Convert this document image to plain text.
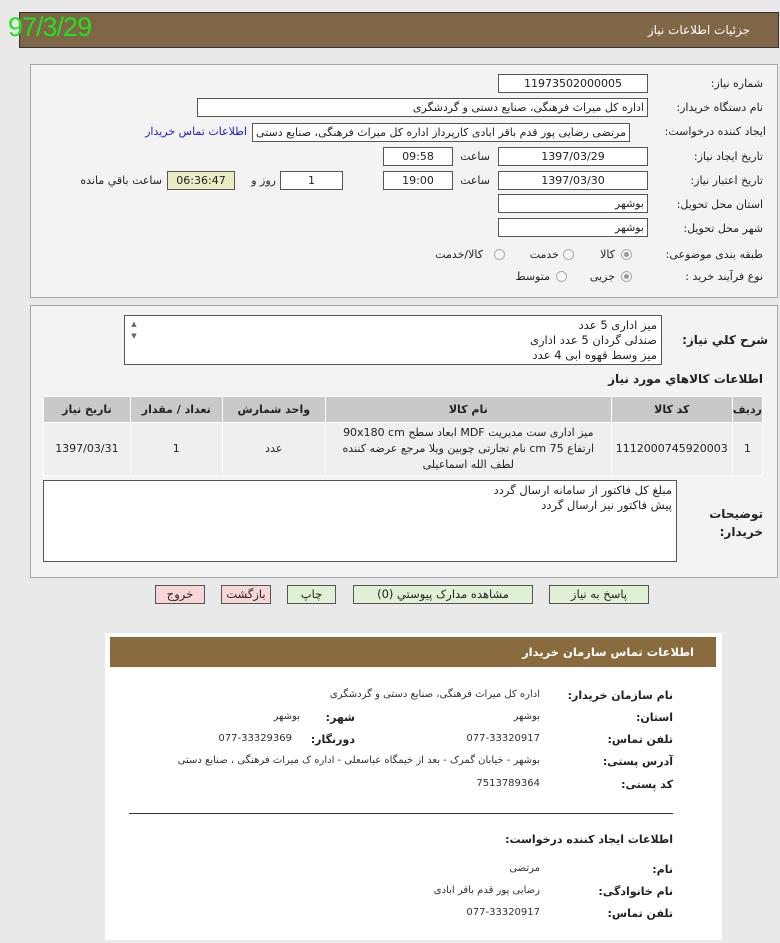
جزئیات اطلاعات نیاز
97/3/29
شماره نیاز:
11973502000005
نام دستگاه خریدار:
اداره کل میراث فرهنگی، صنایع دستی و گردشگری
ایجاد کننده درخواست:
مرتضی رضایی پور قدم باقر ابادی کارپرداز اداره کل میراث فرهنگی، صنایع دستی
اطلاعات تماس خریدار
تاریخ ایجاد نیاز:
1397/03/29
ساعت
09:58
تاریخ اعتبار نیاز:
1397/03/30
ساعت
19:00
1
روز و
06:36:47
ساعت باقي مانده
استان محل تحویل:
بوشهر
شهر محل تحویل:
بوشهر
طبقه بندی موضوعی:
کالا
خدمت
کالا/خدمت
نوع فرآیند خرید :
جزیی
متوسط
شرح کلي نياز:
میز اداری 5 عدد
صندلی گردان 5 عدد اداری
میز وسط قهوه ابی 4 عدد
▲
▼
اطلاعات کالاهاي مورد نياز
رديف	کد کالا	نام کالا	واحد شمارش	تعداد / مقدار	تاريخ نياز
1	1112000745920003	میز اداری ست مدیریت MDF ابعاد سطح 90x180 cm ارتفاع 75 cm نام تجارتی چوبین ویلا مرجع عرضه کننده لطف الله اسماعیلی	عدد	1	1397/03/31
توضیحات خریدار:
مبلغ کل فاکتور از سامانه ارسال گردد
پیش فاکتور نیز ارسال گردد
پاسخ به نياز
مشاهده مدارک پيوستي (0)
چاپ
بازگشت
خروج
اطلاعات تماس سازمان خريدار
نام سازمان خریدار:
اداره کل میراث فرهنگی، صنایع دستی و گردشگری
استان:
بوشهر
شهر:
بوشهر
تلفن تماس:
077-33320917
دورنگار:
077-33329369
آدرس پستی:
بوشهر - خیابان گمرک - بعد از خیمگاه عباسعلی - اداره ک میراث فرهنگی ، صنایع دستی
کد پستی:
7513789364
اطلاعات ایجاد کننده درخواست:
نام:
مرتضی
نام خانوادگی:
رضایی پور قدم باقر ابادی
تلفن تماس:
077-33320917
